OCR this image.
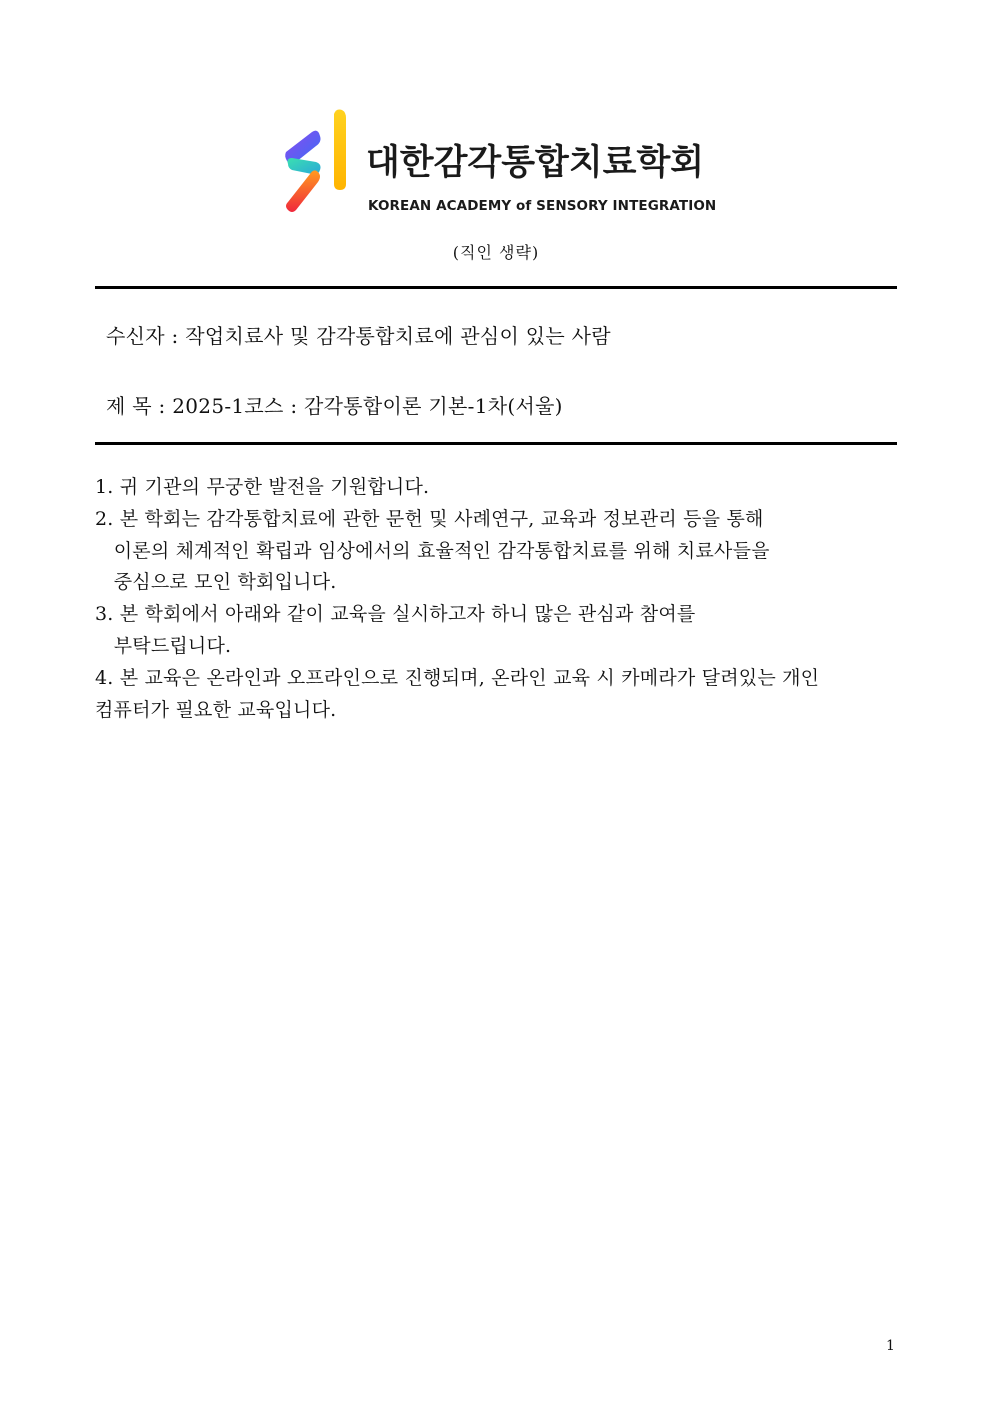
대한감각통합치료학회
KOREAN ACADEMY of SENSORY INTEGRATION
(직인 생략)
수신자 : 작업치료사 및 감각통합치료에 관심이 있는 사람
제 목 : 2025-1코스 : 감각통합이론 기본-1차(서울)
1. 귀 기관의 무궁한 발전을 기원합니다.
2. 본 학회는 감각통합치료에 관한 문헌 및 사례연구, 교육과 정보관리 등을 통해
이론의 체계적인 확립과 임상에서의 효율적인 감각통합치료를 위해 치료사들을
중심으로 모인 학회입니다.
3. 본 학회에서 아래와 같이 교육을 실시하고자 하니 많은 관심과 참여를
부탁드립니다.
4. 본 교육은 온라인과 오프라인으로 진행되며, 온라인 교육 시 카메라가 달려있는 개인
컴퓨터가 필요한 교육입니다.
1
